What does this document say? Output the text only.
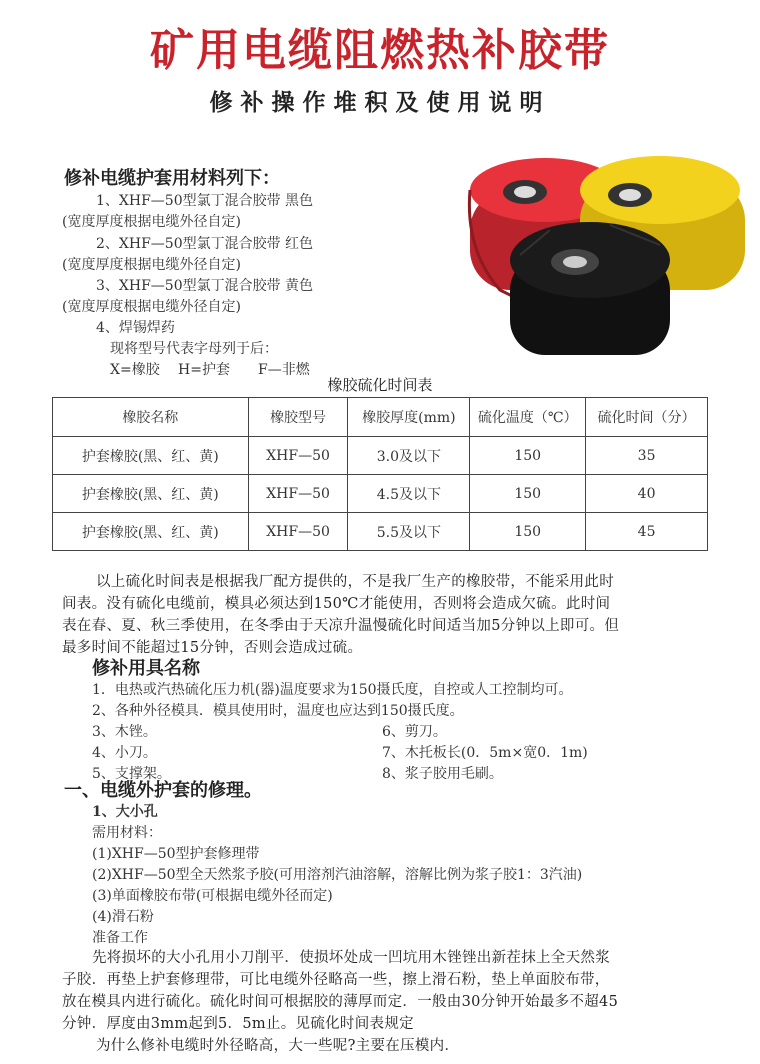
矿用电缆阻燃热补胶带
修补操作堆积及使用说明
修补电缆护套用材料列下：
1、XHF—50型氯丁混合胶带 黑色
(宽度厚度根据电缆外径自定)
2、XHF—50型氯丁混合胶带 红色
(宽度厚度根据电缆外径自定)
3、XHF—50型氯丁混合胶带 黄色
(宽度厚度根据电缆外径自定)
4、焊锡焊药
现将型号代表字母列于后：
X=橡胶 H=护套 F—非燃
橡胶硫化时间表
橡胶名称	橡胶型号	橡胶厚度(mm)	硫化温度（℃）	硫化时间（分）
护套橡胶(黑、红、黄)	XHF—50	3.0及以下	150	35
护套橡胶(黑、红、黄)	XHF—50	4.5及以下	150	40
护套橡胶(黑、红、黄)	XHF—50	5.5及以下	150	45
以上硫化时间表是根据我厂配方提供的，不是我厂生产的橡胶带，不能采用此时
间表。没有硫化电缆前，模具必须达到150℃才能使用，否则将会造成欠硫。此时间
表在春、夏、秋三季使用，在冬季由于天凉升温慢硫化时间适当加5分钟以上即可。但
最多时间不能超过15分钟，否则会造成过硫。
修补用具名称
1．电热或汽热硫化压力机(器)温度要求为150摄氏度，自控或人工控制均可。
2、各种外径模具．模具使用时，温度也应达到150摄氏度。
3、木锉。
4、小刀。
5、支撑架。
6、剪刀。
7、木托板长(0．5m×宽0．1m)
8、浆子胶用毛刷。
一、电缆外护套的修理。
1、大小孔
需用材料：
(1)XHF—50型护套修理带
(2)XHF—50型全天然浆予胶(可用溶剂汽油溶解，溶解比例为浆子胶1：3汽油)
(3)单面橡胶布带(可根据电缆外径而定)
(4)滑石粉
准备工作
先将损坏的大小孔用小刀削平．使损坏处成一凹坑用木锉锉出新茬抹上全天然浆
子胶．再垫上护套修理带，可比电缆外径略高一些，擦上滑石粉，垫上单面胶布带，
放在模具内进行硫化。硫化时间可根据胶的薄厚而定．一般由30分钟开始最多不超45
分钟．厚度由3mm起到5．5m止。见硫化时间表规定
为什么修补电缆时外径略高，大一些呢?主要在压模内．
